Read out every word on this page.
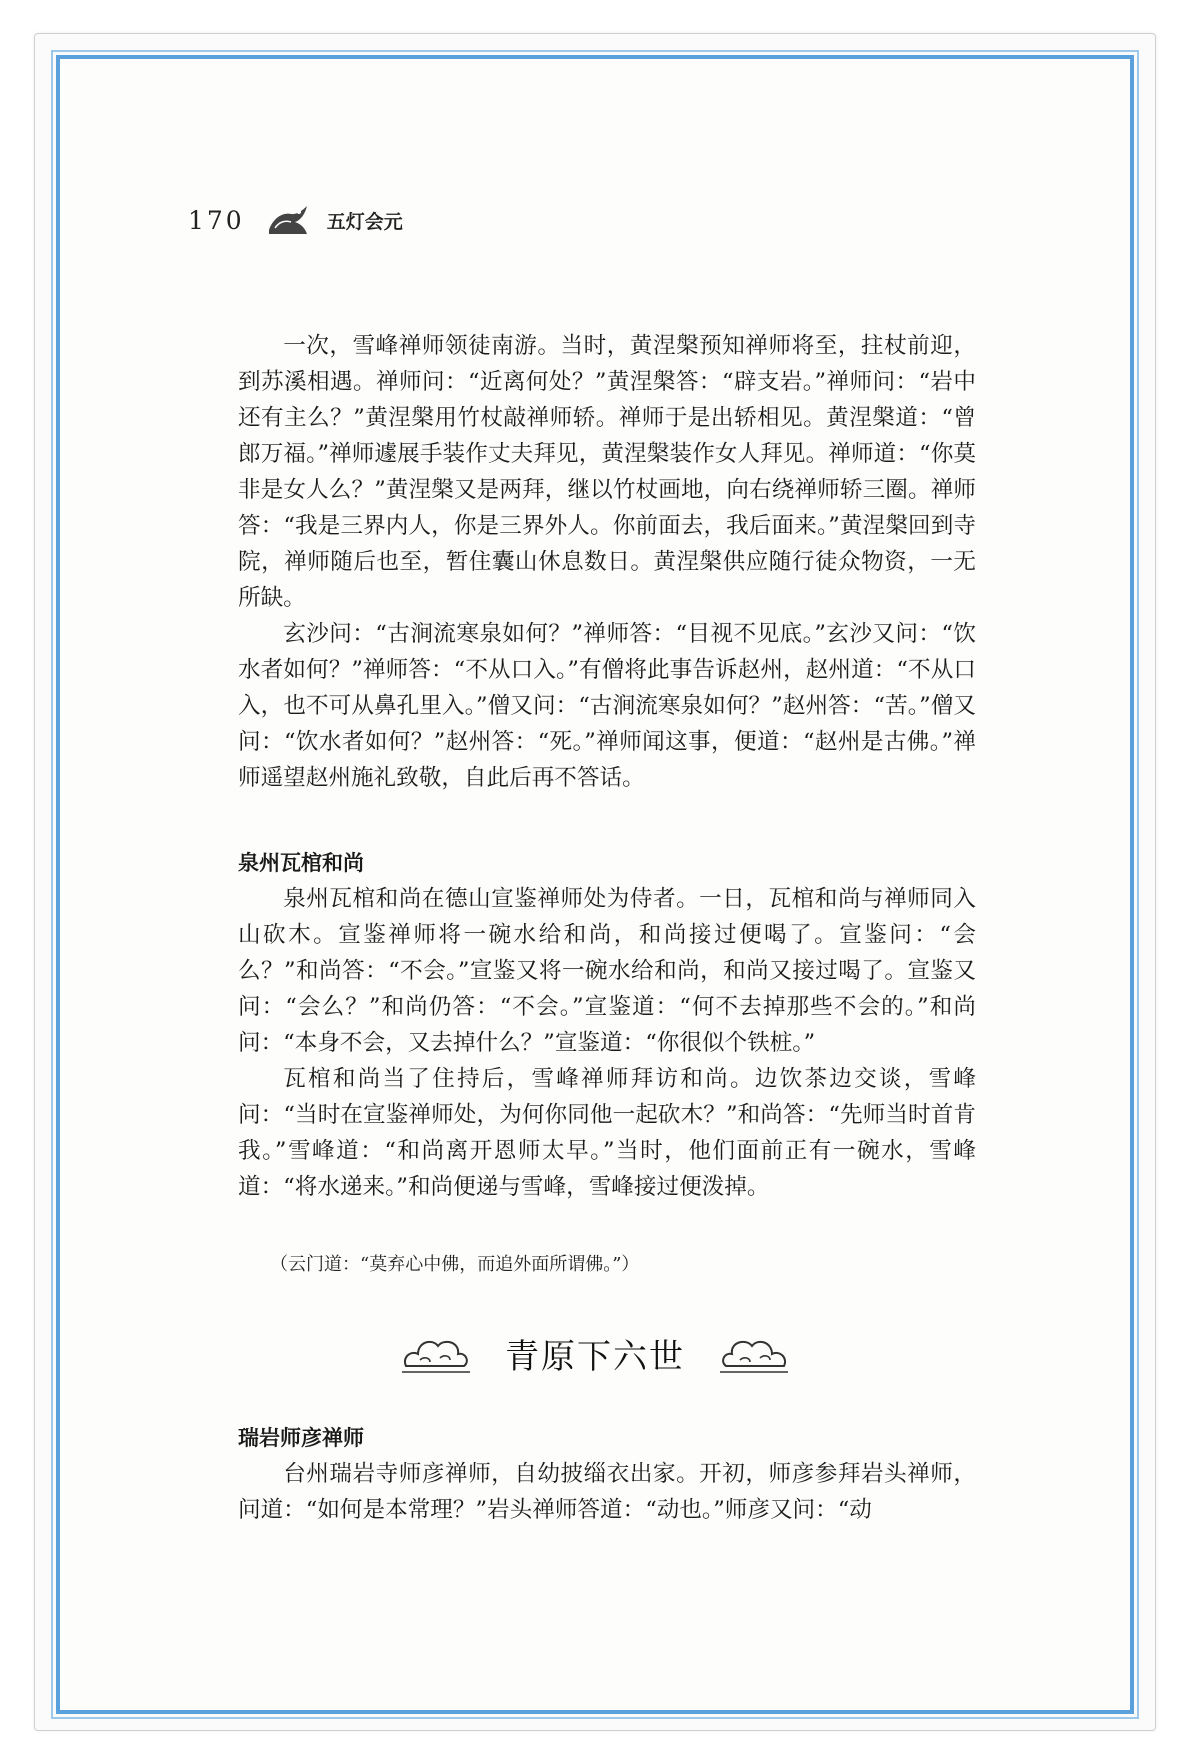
170	五灯会元

一次，雪峰禅师领徒南游。当时，黄涅槃预知禅师将至，拄杖前迎，到苏溪相遇。禅师问：“近离何处？”黄涅槃答：“辟支岩。”禅师问：“岩中还有主么？”黄涅槃用竹杖敲禅师轿。禅师于是出轿相见。黄涅槃道：“曾郎万福。”禅师遽展手装作丈夫拜见，黄涅槃装作女人拜见。禅师道：“你莫非是女人么？”黄涅槃又是两拜，继以竹杖画地，向右绕禅师轿三圈。禅师答：“我是三界内人，你是三界外人。你前面去，我后面来。”黄涅槃回到寺院，禅师随后也至，暂住囊山休息数日。黄涅槃供应随行徒众物资，一无所缺。

玄沙问：“古涧流寒泉如何？”禅师答：“目视不见底。”玄沙又问：“饮水者如何？”禅师答：“不从口入。”有僧将此事告诉赵州，赵州道：“不从口入，也不可从鼻孔里入。”僧又问：“古涧流寒泉如何？”赵州答：“苦。”僧又问：“饮水者如何？”赵州答：“死。”禅师闻这事，便道：“赵州是古佛。”禅师遥望赵州施礼致敬，自此后再不答话。

泉州瓦棺和尚

泉州瓦棺和尚在德山宣鉴禅师处为侍者。一日，瓦棺和尚与禅师同入山砍木。宣鉴禅师将一碗水给和尚，和尚接过便喝了。宣鉴问：“会么？”和尚答：“不会。”宣鉴又将一碗水给和尚，和尚又接过喝了。宣鉴又问：“会么？”和尚仍答：“不会。”宣鉴道：“何不去掉那些不会的。”和尚问：“本身不会，又去掉什么？”宣鉴道：“你很似个铁桩。”

瓦棺和尚当了住持后，雪峰禅师拜访和尚。边饮茶边交谈，雪峰问：“当时在宣鉴禅师处，为何你同他一起砍木？”和尚答：“先师当时首肯我。”雪峰道：“和尚离开恩师太早。”当时，他们面前正有一碗水，雪峰道：“将水递来。”和尚便递与雪峰，雪峰接过便泼掉。

（云门道：“莫弃心中佛，而追外面所谓佛。”）
青原下六世

瑞岩师彦禅师

台州瑞岩寺师彦禅师，自幼披缁衣出家。开初，师彦参拜岩头禅师，问道：“如何是本常理？”岩头禅师答道：“动也。”师彦又问：“动
